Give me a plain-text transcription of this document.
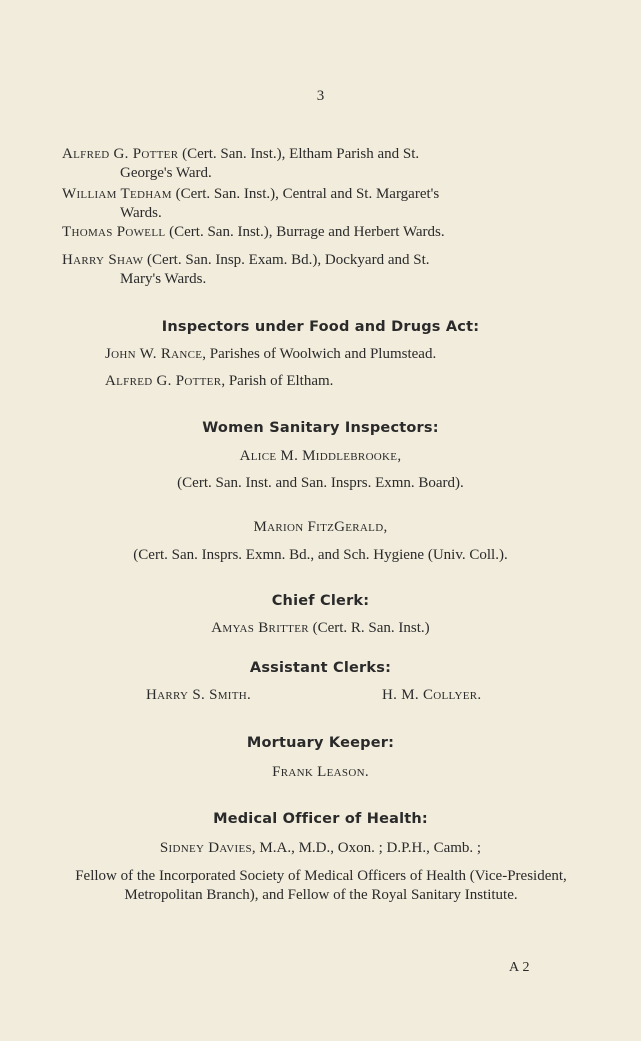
3
Alfred G. Potter (Cert. San. Inst.), Eltham Parish and St.
George's Ward.
William Tedham (Cert. San. Inst.), Central and St. Margaret's
Wards.
Thomas Powell (Cert. San. Inst.), Burrage and Herbert Wards.
Harry Shaw (Cert. San. Insp. Exam. Bd.), Dockyard and St.
Mary's Wards.
Inspectors under Food and Drugs Act:
John W. Rance, Parishes of Woolwich and Plumstead.
Alfred G. Potter, Parish of Eltham.
Women Sanitary Inspectors:
Alice M. Middlebrooke,
(Cert. San. Inst. and San. Insprs. Exmn. Board).
Marion FitzGerald,
(Cert. San. Insprs. Exmn. Bd., and Sch. Hygiene (Univ. Coll.).
Chief Clerk:
Amyas Britter (Cert. R. San. Inst.)
Assistant Clerks:
Harry S. Smith.	H. M. Collyer.
Mortuary Keeper:
Frank Leason.
Medical Officer of Health:
Sidney Davies, M.A., M.D., Oxon. ; D.P.H., Camb. ;
Fellow of the Incorporated Society of Medical Officers of Health (Vice-President, Metropolitan Branch), and Fellow of the Royal Sanitary Institute.
A 2
